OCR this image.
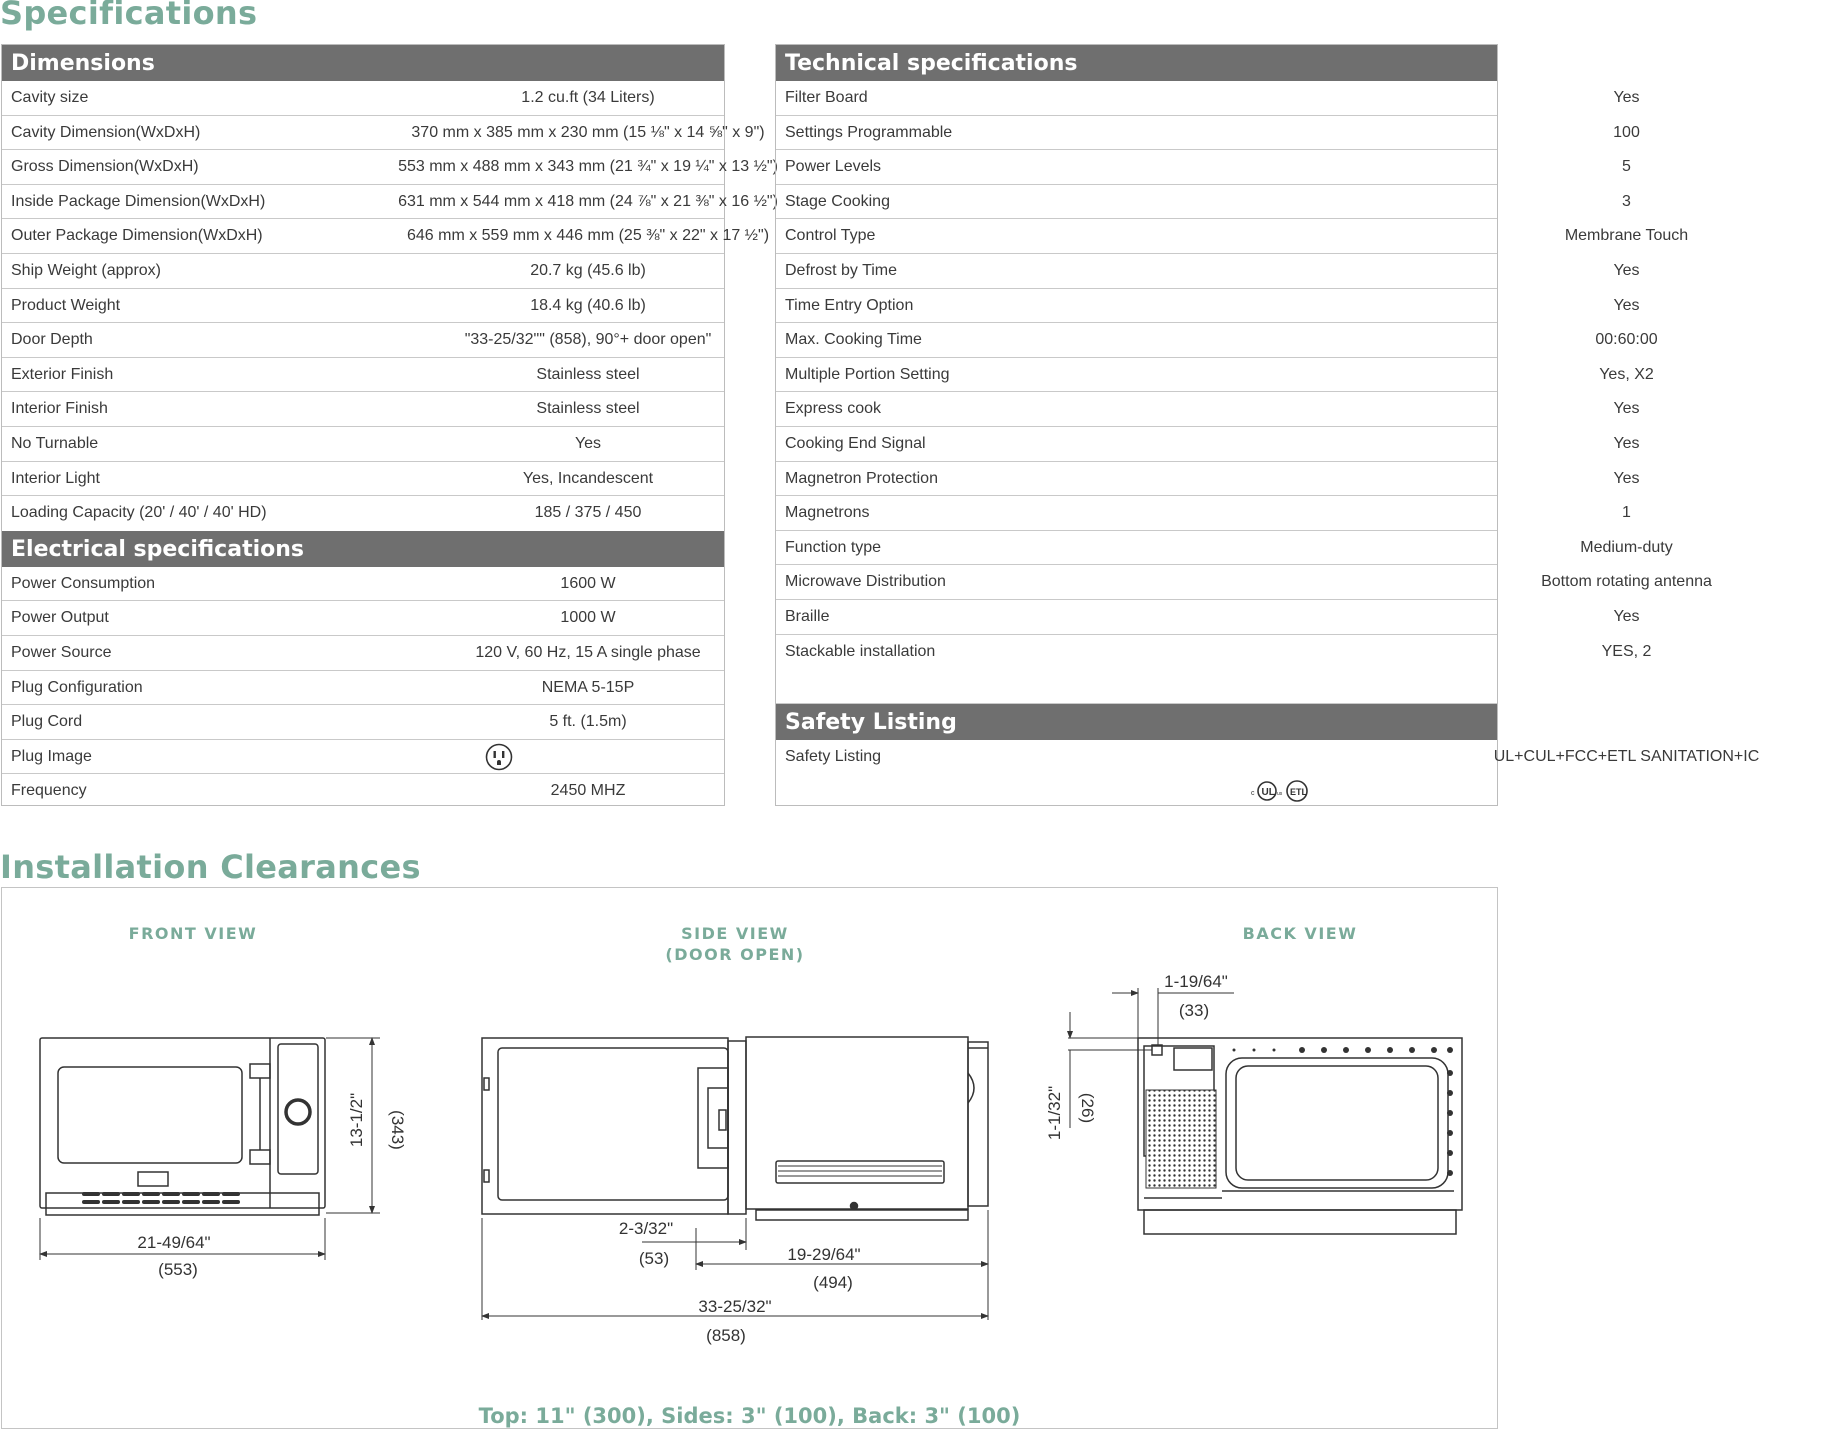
Specifications
Dimensions
Cavity size	1.2 cu.ft (34 Liters)
Cavity Dimension(WxDxH)	370 mm x 385 mm x 230 mm (15 ⅛" x 14 ⅝" x 9")
Gross Dimension(WxDxH)	553 mm x 488 mm x 343 mm (21 ¾" x 19 ¼" x 13 ½")
Inside Package Dimension(WxDxH)	631 mm x 544 mm x 418 mm (24 ⅞" x 21 ⅜" x 16 ½")
Outer Package Dimension(WxDxH)	646 mm x 559 mm x 446 mm (25 ⅜" x 22" x 17 ½")
Ship Weight (approx)	20.7 kg (45.6 lb)
Product Weight	18.4 kg (40.6 lb)
Door Depth	"33-25/32"" (858), 90°+ door open"
Exterior Finish	Stainless steel
Interior Finish	Stainless steel
No Turnable	Yes
Interior Light	Yes, Incandescent
Loading Capacity (20' / 40' / 40' HD)	185 / 375 / 450
Electrical specifications
Power Consumption	1600 W
Power Output	1000 W
Power Source	120 V, 60 Hz, 15 A single phase
Plug Configuration	NEMA 5-15P
Plug Cord	5 ft. (1.5m)
Plug Image
Frequency	2450 MHZ
Technical specifications
Filter Board	Yes
Settings Programmable	100
Power Levels	5
Stage Cooking	3
Control Type	Membrane Touch
Defrost by Time	Yes
Time Entry Option	Yes
Max. Cooking Time	00:60:00
Multiple Portion Setting	Yes, X2
Express cook	Yes
Cooking End Signal	Yes
Magnetron Protection	Yes
Magnetrons	1
Function type	Medium-duty
Microwave Distribution	Bottom rotating antenna
Braille	Yes
Stackable installation	YES, 2
Safety Listing
Safety Listing	UL+CUL+FCC+ETL SANITATION+IC
c UL us ETL
Installation Clearances
FRONT VIEW	SIDE VIEW
(DOOR OPEN)
BACK VIEW
13-1/2" (343)
21-49/64"
(553)
2-3/32"
(53)	19-29/64"
(494)
33-25/32"
(858)
1-19/64"
(33)
1-1/32" (26)
Top: 11" (300), Sides: 3" (100), Back: 3" (100)
